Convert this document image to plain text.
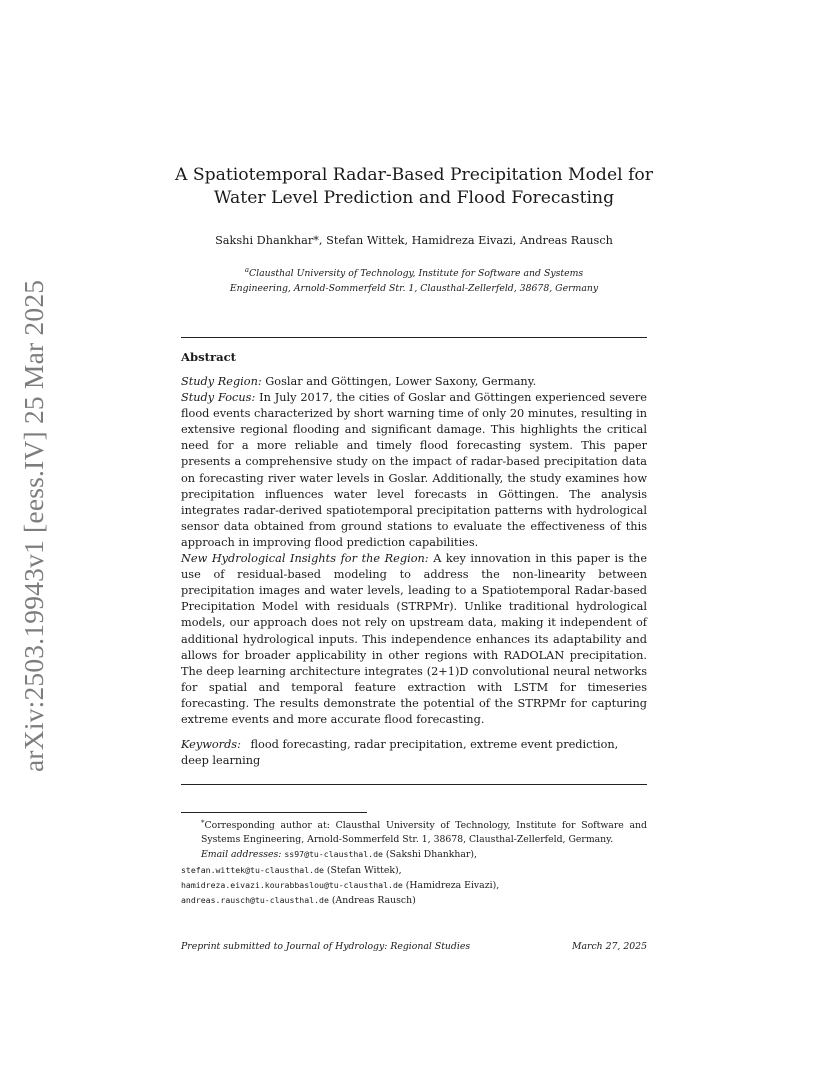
arXiv:2503.19943v1 [eess.IV] 25 Mar 2025
A Spatiotemporal Radar-Based Precipitation Model for
Water Level Prediction and Flood Forecasting
Sakshi Dhankhar*, Stefan Wittek, Hamidreza Eivazi, Andreas Rausch
$^a$Clausthal University of Technology, Institute for Software and Systems
Engineering, Arnold-Sommerfeld Str. 1, Clausthal-Zellerfeld, 38678, Germany
Abstract

Study Region: Goslar and Göttingen, Lower Saxony, Germany.

Study Focus: In July 2017, the cities of Goslar and Göttingen experienced severe flood events characterized by short warning time of only 20 minutes, resulting in extensive regional flooding and significant damage. This highlights the critical need for a more reliable and timely flood forecasting system. This paper presents a comprehensive study on the impact of radar-based precipitation data on forecasting river water levels in Goslar. Additionally, the study examines how precipitation influences water level forecasts in Göttingen. The analysis integrates radar-derived spatiotemporal precipitation patterns with hydrological sensor data obtained from ground stations to evaluate the effectiveness of this approach in improving flood prediction capabilities.

New Hydrological Insights for the Region: A key innovation in this paper is the use of residual-based modeling to address the non-linearity between precipitation images and water levels, leading to a Spatiotemporal Radar-based Precipitation Model with residuals (STRPMr). Unlike traditional hydrological models, our approach does not rely on upstream data, making it independent of additional hydrological inputs. This independence enhances its adaptability and allows for broader applicability in other regions with RADOLAN precipitation. The deep learning architecture integrates (2+1)D convolutional neural networks for spatial and temporal feature extraction with LSTM for timeseries forecasting. The results demonstrate the potential of the STRPMr for capturing extreme events and more accurate flood forecasting.

Keywords: flood forecasting, radar precipitation, extreme event prediction, deep learning

*Corresponding author at: Clausthal University of Technology, Institute for Software and Systems Engineering, Arnold-Sommerfeld Str. 1, 38678, Clausthal-Zellerfeld, Germany.
Email addresses: ss97@tu-clausthal.de (Sakshi Dhankhar),
stefan.wittek@tu-clausthal.de (Stefan Wittek),
hamidreza.eivazi.kourabbaslou@tu-clausthal.de (Hamidreza Eivazi),
andreas.rausch@tu-clausthal.de (Andreas Rausch)
Preprint submitted to Journal of Hydrology: Regional Studies	March 27, 2025
